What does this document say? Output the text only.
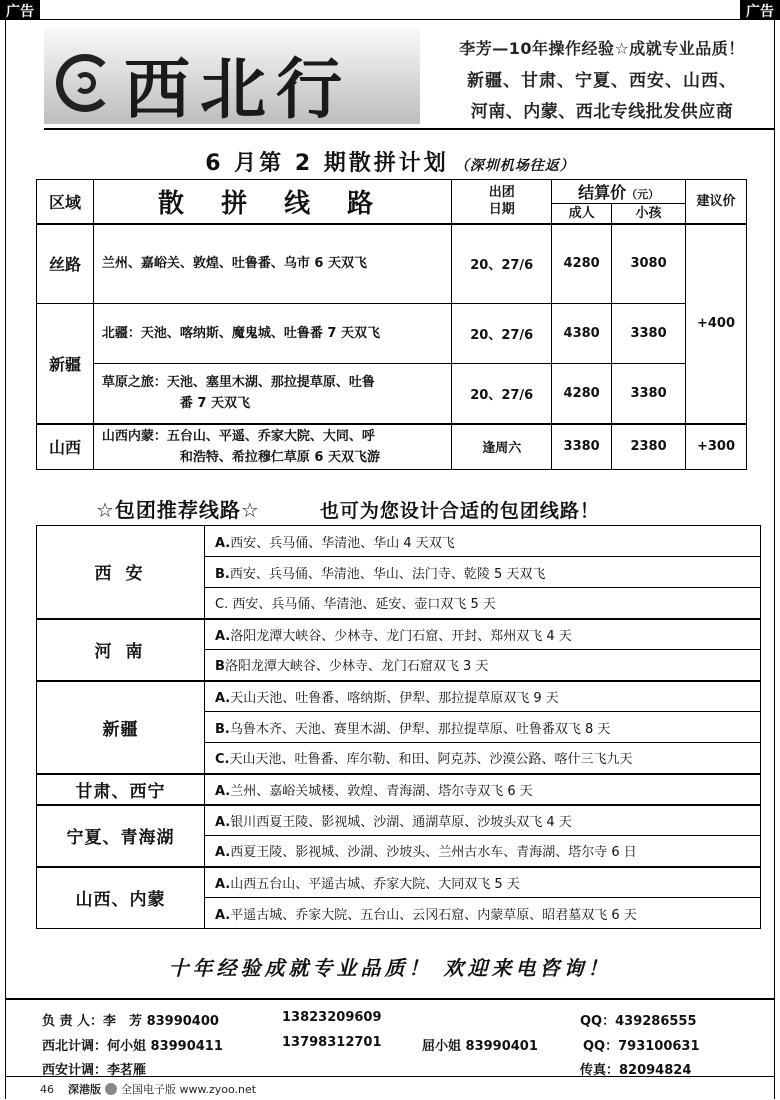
广告	广告
西北行
李芳—10年操作经验☆成就专业品质！
新疆、甘肃、宁夏、西安、山西、
河南、内蒙、西北专线批发供应商
6 月第 2 期散拼计划 （深圳机场往返）
区域	散 拼 线 路	出团日期	结算价（元）		建议价
			成人	小孩	
丝路	兰州、嘉峪关、敦煌、吐鲁番、乌市 6 天双飞	20、27/6	4280	3080	+400
新疆	北疆：天池、喀纳斯、魔鬼城、吐鲁番 7 天双飞	20、27/6	4380	3380	
	草原之旅：天池、塞里木湖、那拉提草原、吐鲁
番 7 天双飞	20、27/6	4280	3380	
山西	山西内蒙：五台山、平遥、乔家大院、大同、呼
和浩特、希拉穆仁草原 6 天双飞游	逢周六	3380	2380	+300
☆包团推荐线路☆	也可为您设计合适的包团线路！
西 安	A.西安、兵马俑、华清池、华山 4 天双飞
	B.西安、兵马俑、华清池、华山、法门寺、乾陵 5 天双飞
	C. 西安、兵马俑、华清池、延安、壶口双飞 5 天
河 南	A.洛阳龙潭大峡谷、少林寺、龙门石窟、开封、郑州双飞 4 天
	B洛阳龙潭大峡谷、少林寺、龙门石窟双飞 3 天
新疆	A.天山天池、吐鲁番、喀纳斯、伊犁、那拉提草原双飞 9 天
	B.乌鲁木齐、天池、赛里木湖、伊犁、那拉提草原、吐鲁番双飞 8 天
	C.天山天池、吐鲁番、库尔勒、和田、阿克苏、沙漠公路、喀什三飞九天
甘肃、西宁	A.兰州、嘉峪关城楼、敦煌、青海湖、塔尔寺双飞 6 天
宁夏、青海湖	A.银川西夏王陵、影视城、沙湖、通湖草原、沙坡头双飞 4 天
	A.西夏王陵、影视城、沙湖、沙坡头、兰州古水车、青海湖、塔尔寺 6 日
山西、内蒙	A.山西五台山、平遥古城、乔家大院、大同双飞 5 天
	A.平遥古城、乔家大院、五台山、云冈石窟、内蒙草原、昭君墓双飞 6 天
十年经验成就专业品质！ 欢迎来电咨询！
负 责 人：李　芳 83990400	13823209609	QQ：439286555
西北计调：何小姐 83990411	13798312701	屈小姐 83990401	QQ：793100631
西安计调：李茗雁	传真：82094824
46 深港版 全国电子版 www.zyoo.net
